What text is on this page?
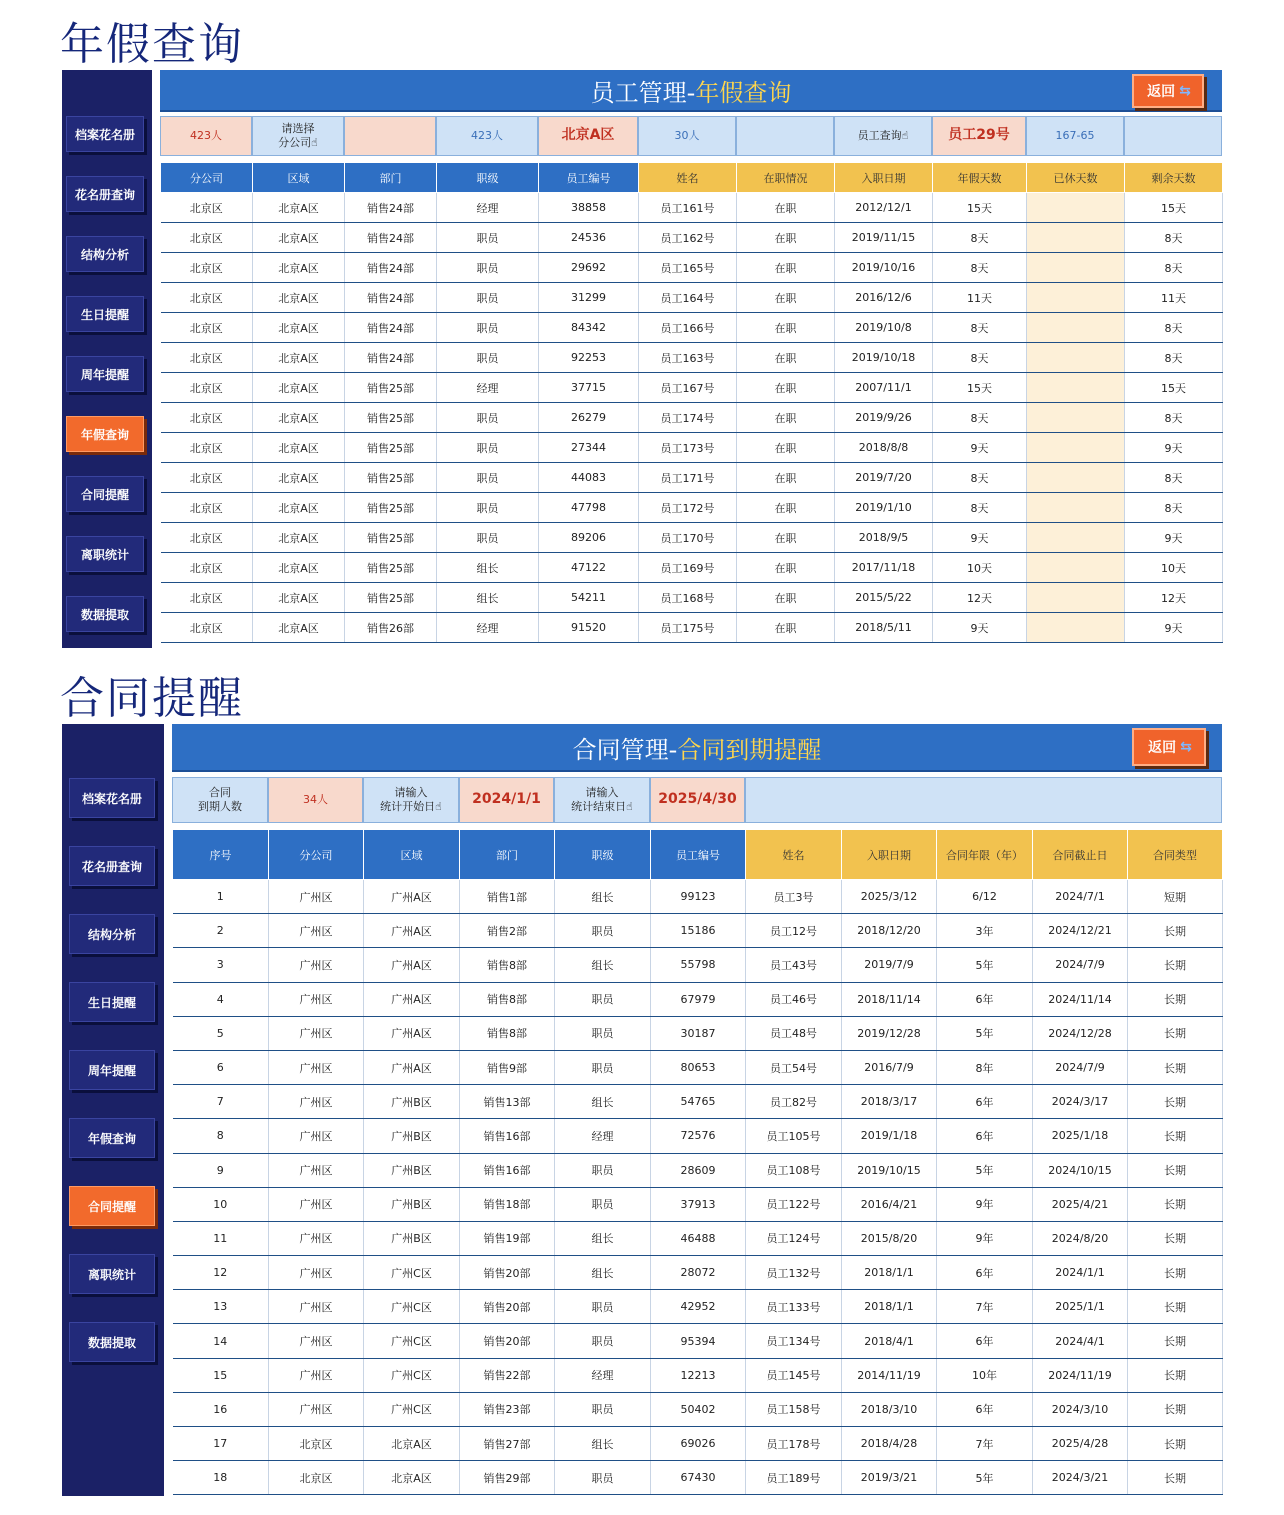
年假查询
档案花名册
花名册查询
结构分析
生日提醒
周年提醒
年假查询
合同提醒
离职统计
数据提取
员工管理- 年假查询	返回 ⇆
423人
请选择
分公司☝
423人	北京A区	30人	员工查询☝	员工29号	167-65
分公司	区域	部门	职级	员工编号	姓名	在职情况	入职日期	年假天数	已休天数	剩余天数
北京区	北京A区	销售24部	经理	38858	员工161号	在职	2012/12/1	15天		15天
北京区	北京A区	销售24部	职员	24536	员工162号	在职	2019/11/15	8天		8天
北京区	北京A区	销售24部	职员	29692	员工165号	在职	2019/10/16	8天		8天
北京区	北京A区	销售24部	职员	31299	员工164号	在职	2016/12/6	11天		11天
北京区	北京A区	销售24部	职员	84342	员工166号	在职	2019/10/8	8天		8天
北京区	北京A区	销售24部	职员	92253	员工163号	在职	2019/10/18	8天		8天
北京区	北京A区	销售25部	经理	37715	员工167号	在职	2007/11/1	15天		15天
北京区	北京A区	销售25部	职员	26279	员工174号	在职	2019/9/26	8天		8天
北京区	北京A区	销售25部	职员	27344	员工173号	在职	2018/8/8	9天		9天
北京区	北京A区	销售25部	职员	44083	员工171号	在职	2019/7/20	8天		8天
北京区	北京A区	销售25部	职员	47798	员工172号	在职	2019/1/10	8天		8天
北京区	北京A区	销售25部	职员	89206	员工170号	在职	2018/9/5	9天		9天
北京区	北京A区	销售25部	组长	47122	员工169号	在职	2017/11/18	10天		10天
北京区	北京A区	销售25部	组长	54211	员工168号	在职	2015/5/22	12天		12天
北京区	北京A区	销售26部	经理	91520	员工175号	在职	2018/5/11	9天		9天
合同提醒
档案花名册
花名册查询
结构分析
生日提醒
周年提醒
年假查询
合同提醒
离职统计
数据提取
合同管理- 合同到期提醒	返回 ⇆
合同
到期人数
34人
请输入
统计开始日☝ 2024/1/1	请输入
统计结束日☝ 2025/4/30
序号	分公司	区域	部门	职级	员工编号	姓名	入职日期	合同年限（年）	合同截止日	合同类型
1	广州区	广州A区	销售1部	组长	99123	员工3号	2025/3/12	6/12	2024/7/1	短期
2	广州区	广州A区	销售2部	职员	15186	员工12号	2018/12/20	3年	2024/12/21	长期
3	广州区	广州A区	销售8部	组长	55798	员工43号	2019/7/9	5年	2024/7/9	长期
4	广州区	广州A区	销售8部	职员	67979	员工46号	2018/11/14	6年	2024/11/14	长期
5	广州区	广州A区	销售8部	职员	30187	员工48号	2019/12/28	5年	2024/12/28	长期
6	广州区	广州A区	销售9部	职员	80653	员工54号	2016/7/9	8年	2024/7/9	长期
7	广州区	广州B区	销售13部	组长	54765	员工82号	2018/3/17	6年	2024/3/17	长期
8	广州区	广州B区	销售16部	经理	72576	员工105号	2019/1/18	6年	2025/1/18	长期
9	广州区	广州B区	销售16部	职员	28609	员工108号	2019/10/15	5年	2024/10/15	长期
10	广州区	广州B区	销售18部	职员	37913	员工122号	2016/4/21	9年	2025/4/21	长期
11	广州区	广州B区	销售19部	组长	46488	员工124号	2015/8/20	9年	2024/8/20	长期
12	广州区	广州C区	销售20部	组长	28072	员工132号	2018/1/1	6年	2024/1/1	长期
13	广州区	广州C区	销售20部	职员	42952	员工133号	2018/1/1	7年	2025/1/1	长期
14	广州区	广州C区	销售20部	职员	95394	员工134号	2018/4/1	6年	2024/4/1	长期
15	广州区	广州C区	销售22部	经理	12213	员工145号	2014/11/19	10年	2024/11/19	长期
16	广州区	广州C区	销售23部	职员	50402	员工158号	2018/3/10	6年	2024/3/10	长期
17	北京区	北京A区	销售27部	组长	69026	员工178号	2018/4/28	7年	2025/4/28	长期
18	北京区	北京A区	销售29部	职员	67430	员工189号	2019/3/21	5年	2024/3/21	长期
